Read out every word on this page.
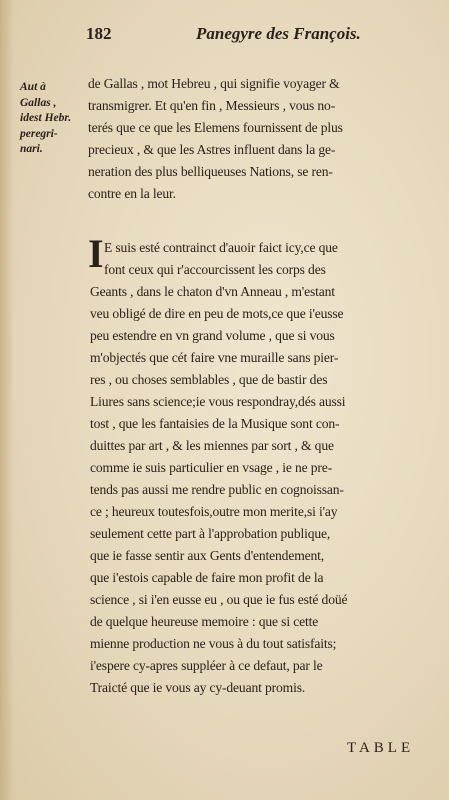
182	Panegyre des François.
Aut à
Gallas ,
idest Hebr.
peregri-
nari.
de Gallas , mot Hebreu , qui signifie voyager &
transmigrer. Et qu'en fin , Messieurs , vous no-
terés que ce que les Elemens fournissent de plus
precieux , & que les Astres influent dans la ge-
neration des plus belliqueuses Nations, se ren-
contre en la leur.
I E suis esté contrainct d'auoir faict icy,ce que
font ceux qui r'accourcissent les corps des
Geants , dans le chaton d'vn Anneau , m'estant
veu obligé de dire en peu de mots,ce que i'eusse
peu estendre en vn grand volume , que si vous
m'objectés que cét faire vne muraille sans pier-
res , ou choses semblables , que de bastir des
Liures sans science;ie vous respondray,dés aussi
tost , que les fantaisies de la Musique sont con-
duittes par art , & les miennes par sort , & que
comme ie suis particulier en vsage , ie ne pre-
tends pas aussi me rendre public en cognoissan-
ce ; heureux toutesfois,outre mon merite,si i'ay
seulement cette part à l'approbation publique,
que ie fasse sentir aux Gents d'entendement,
que i'estois capable de faire mon profit de la
science , si i'en eusse eu , ou que ie fus esté doüé
de quelque heureuse memoire : que si cette
mienne production ne vous à du tout satisfaits;
i'espere cy-apres suppléer à ce defaut, par le
Traicté que ie vous ay cy-deuant promis.
TABLE
